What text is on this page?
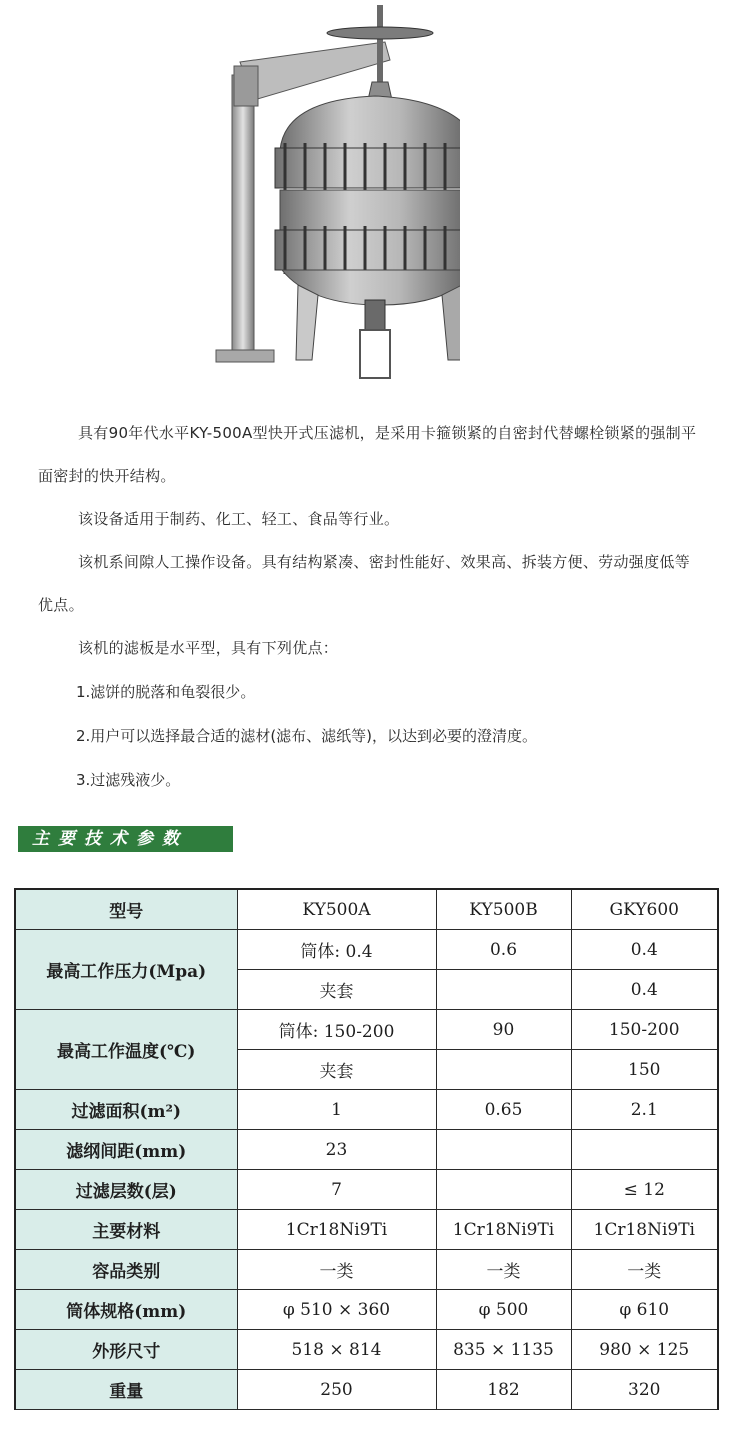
具有90年代水平KY-500A型快开式压滤机，是采用卡箍锁紧的自密封代替螺栓锁紧的强制平面密封的快开结构。

该设备适用于制药、化工、轻工、食品等行业。

该机系间隙人工操作设备。具有结构紧凑、密封性能好、效果高、拆装方便、劳动强度低等优点。

该机的滤板是水平型，具有下列优点：

1.滤饼的脱落和龟裂很少。

2.用户可以选择最合适的滤材(滤布、滤纸等)，以达到必要的澄清度。

3.过滤残液少。

主要技术参数
型号	KY500A	KY500B	GKY600
最高工作压力(Mpa)	筒体: 0.4	0.6	0.4
	夹套		0.4
最高工作温度(℃)	筒体: 150-200	90	150-200
	夹套		150
过滤面积(m²)	1	0.65	2.1
滤纲间距(mm)	23		
过滤层数(层)	7		≤ 12
主要材料	1Cr18Ni9Ti	1Cr18Ni9Ti	1Cr18Ni9Ti
容品类别	一类	一类	一类
筒体规格(mm)	φ 510 × 360	φ 500	φ 610
外形尺寸	518 × 814	835 × 1135	980 × 125
重量	250	182	320
